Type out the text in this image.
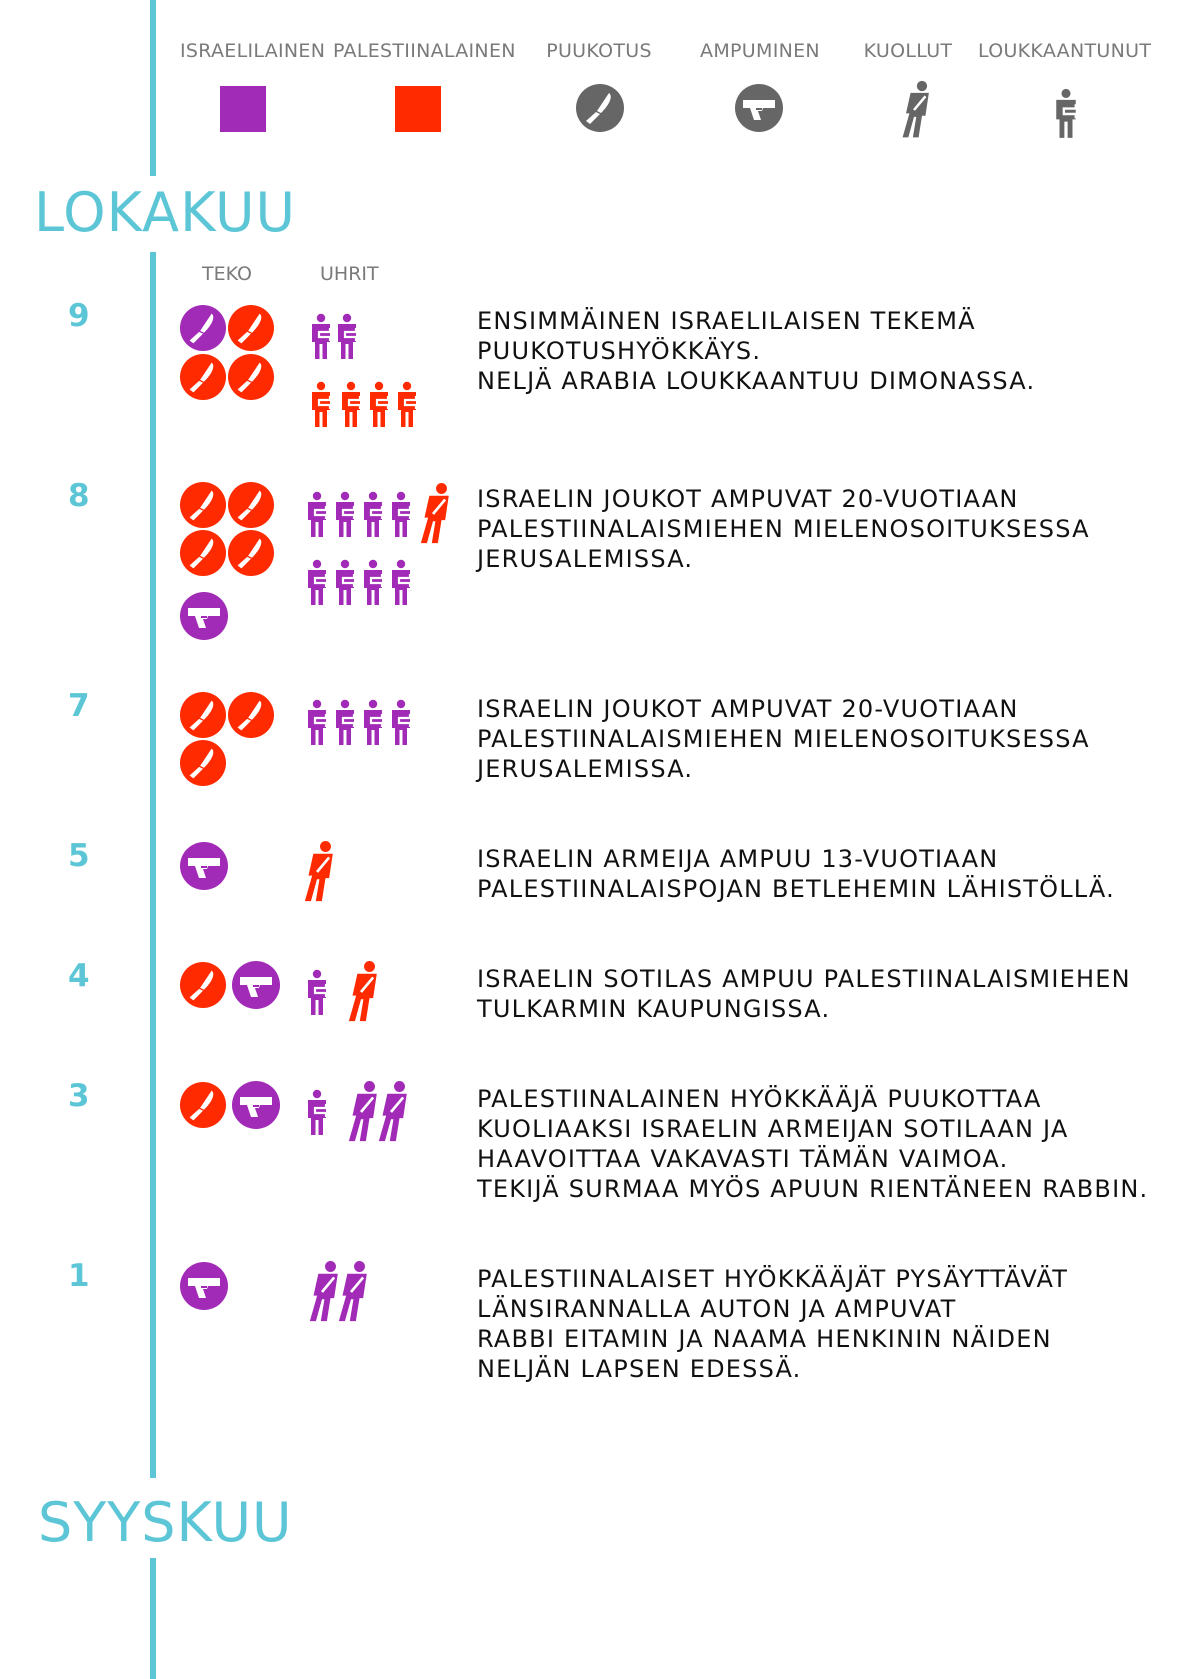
LOKAKUU
SYYSKUU
ISRAELILAINEN PALESTIINALAINEN	PUUKOTUS	AMPUMINEN KUOLLUT LOUKKAANTUNUT
TEKO	UHRIT
9	ENSIMMÄINEN ISRAELILAISEN TEKEMÄ
PUUKOTUSHYÖKKÄYS.
NELJÄ ARABIA LOUKKAANTUU DIMONASSA.
8	ISRAELIN JOUKOT AMPUVAT 20-VUOTIAAN
PALESTIINALAISMIEHEN MIELENOSOITUKSESSA
JERUSALEMISSA.
7	ISRAELIN JOUKOT AMPUVAT 20-VUOTIAAN
PALESTIINALAISMIEHEN MIELENOSOITUKSESSA
JERUSALEMISSA.
5	ISRAELIN ARMEIJA AMPUU 13-VUOTIAAN
PALESTIINALAISPOJAN BETLEHEMIN LÄHISTÖLLÄ.
4	ISRAELIN SOTILAS AMPUU PALESTIINALAISMIEHEN
TULKARMIN KAUPUNGISSA.
3	PALESTIINALAINEN HYÖKKÄÄJÄ PUUKOTTAA
KUOLIAAKSI ISRAELIN ARMEIJAN SOTILAAN JA
HAAVOITTAA VAKAVASTI TÄMÄN VAIMOA.
TEKIJÄ SURMAA MYÖS APUUN RIENTÄNEEN RABBIN.
1	PALESTIINALAISET HYÖKKÄÄJÄT PYSÄYTTÄVÄT
LÄNSIRANNALLA AUTON JA AMPUVAT
RABBI EITAMIN JA NAAMA HENKININ NÄIDEN
NELJÄN LAPSEN EDESSÄ.
